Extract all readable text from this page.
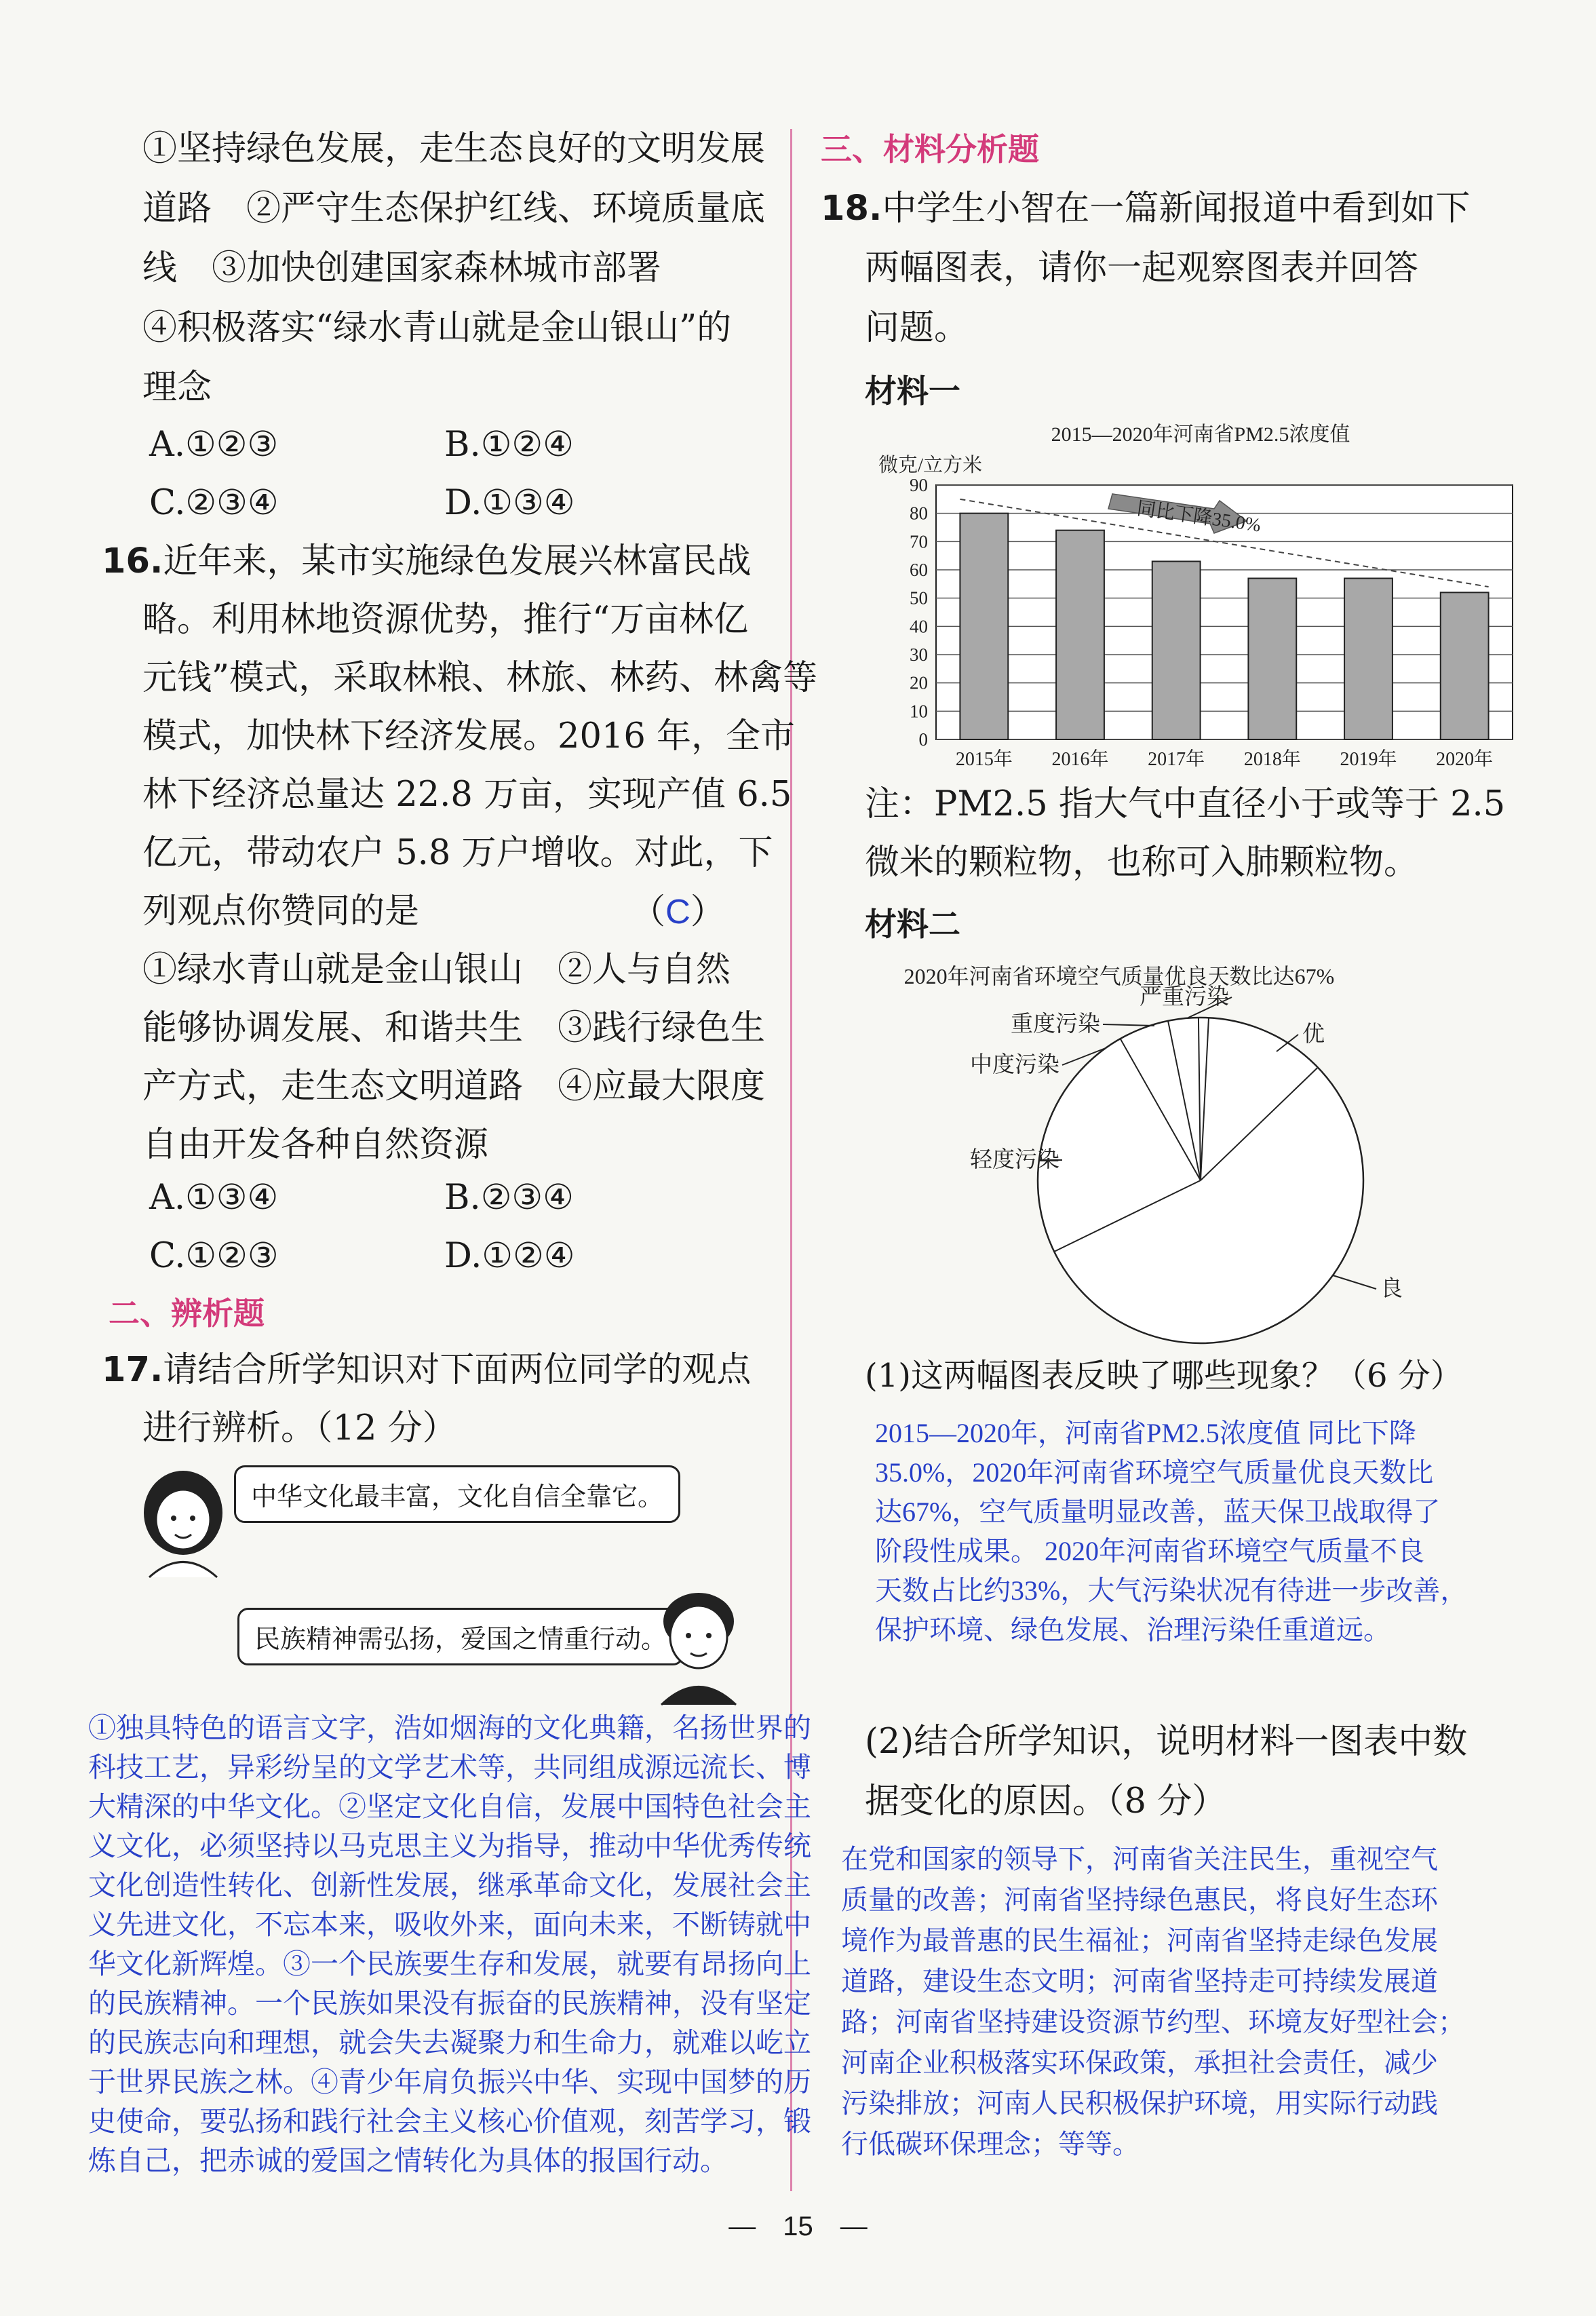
①坚持绿色发展，走生态良好的文明发展
道路　②严守生态保护红线、环境质量底
线　③加快创建国家森林城市部署
④积极落实“绿水青山就是金山银山”的
理念
A.①②③	B.①②④
C.②③④	D.①③④
16.近年来，某市实施绿色发展兴林富民战
略。利用林地资源优势，推行“万亩林亿
元钱”模式，采取林粮、林旅、林药、林禽等
模式，加快林下经济发展。2016 年，全市
林下经济总量达 22.8 万亩，实现产值 6.5
亿元，带动农户 5.8 万户增收。对此，下
列观点你赞同的是	（C）
①绿水青山就是金山银山　②人与自然
能够协调发展、和谐共生　③践行绿色生
产方式，走生态文明道路　④应最大限度
自由开发各种自然资源
A.①③④	B.②③④
C.①②③	D.①②④
二、辨析题
17.请结合所学知识对下面两位同学的观点
进行辨析。（12 分）
中华文化最丰富，文化自信全靠它。
民族精神需弘扬，爱国之情重行动。
①独具特色的语言文字，浩如烟海的文化典籍，名扬世界的
科技工艺，异彩纷呈的文学艺术等，共同组成源远流长、博
大精深的中华文化。②坚定文化自信，发展中国特色社会主
义文化，必须坚持以马克思主义为指导，推动中华优秀传统
文化创造性转化、创新性发展，继承革命文化，发展社会主
义先进文化，不忘本来，吸收外来，面向未来，不断铸就中
华文化新辉煌。③一个民族要生存和发展，就要有昂扬向上
的民族精神。一个民族如果没有振奋的民族精神，没有坚定
的民族志向和理想，就会失去凝聚力和生命力，就难以屹立
于世界民族之林。④青少年肩负振兴中华、实现中国梦的历
史使命，要弘扬和践行社会主义核心价值观，刻苦学习，锻
炼自己，把赤诚的爱国之情转化为具体的报国行动。
三、材料分析题
18.中学生小智在一篇新闻报道中看到如下
两幅图表，请你一起观察图表并回答
问题。
材料一
2015—2020年河南省PM2.5浓度值
微克/立方米
0
10
20
30
40
50
60
70
80
90
2015年 2016年 2017年 2018年 2019年 2020年
同比下降35.0%
注：PM2.5 指大气中直径小于或等于 2.5
微米的颗粒物，也称可入肺颗粒物。
材料二
2020年河南省环境空气质量优良天数比达67%
优
良
轻度污染
中度污染
重度污染
严重污染
(1)这两幅图表反映了哪些现象？（6 分）
2015—2020年，河南省PM2.5浓度值 同比下降
35.0%，2020年河南省环境空气质量优良天数比
达67%，空气质量明显改善，蓝天保卫战取得了
阶段性成果。 2020年河南省环境空气质量不良
天数占比约33%，大气污染状况有待进一步改善，
保护环境、绿色发展、治理污染任重道远。
(2)结合所学知识，说明材料一图表中数
据变化的原因。（8 分）
在党和国家的领导下，河南省关注民生，重视空气
质量的改善；河南省坚持绿色惠民，将良好生态环
境作为最普惠的民生福祉；河南省坚持走绿色发展
道路，建设生态文明；河南省坚持走可持续发展道
路；河南省坚持建设资源节约型、环境友好型社会；
河南企业积极落实环保政策，承担社会责任，减少
污染排放；河南人民积极保护环境，用实际行动践
行低碳环保理念；等等。
—　15　—
